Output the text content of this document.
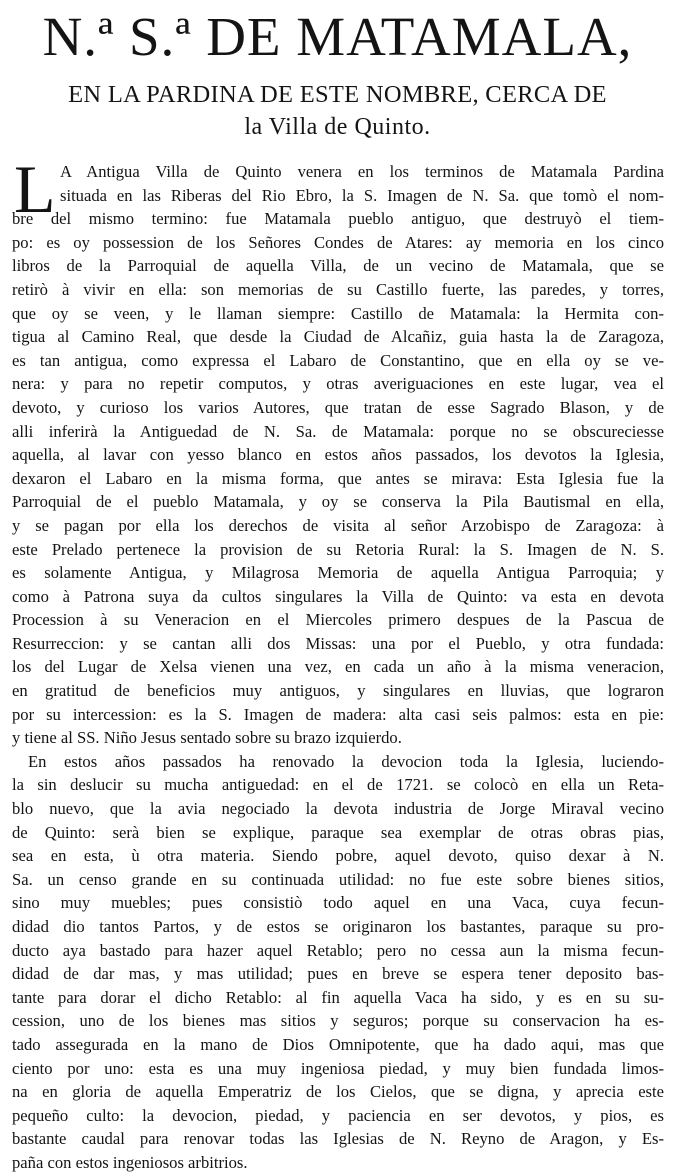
N.ª S.ª DE MATAMALA,
EN LA PARDINA DE ESTE NOMBRE, CERCA DE
la Villa de Quinto.
L A Antigua Villa de Quinto venera en los terminos de Matamala Pardina
situada en las Riberas del Rio Ebro, la S. Imagen de N. Sa. que tomò el nom-
bre del mismo termino: fue Matamala pueblo antiguo, que destruyò el tiem-
po: es oy possession de los Señores Condes de Atares: ay memoria en los cinco
libros de la Parroquial de aquella Villa, de un vecino de Matamala, que se
retirò à vivir en ella: son memorias de su Castillo fuerte, las paredes, y torres,
que oy se veen, y le llaman siempre: Castillo de Matamala: la Hermita con-
tigua al Camino Real, que desde la Ciudad de Alcañiz, guia hasta la de Zaragoza,
es tan antigua, como expressa el Labaro de Constantino, que en ella oy se ve-
nera: y para no repetir computos, y otras averiguaciones en este lugar, vea el
devoto, y curioso los varios Autores, que tratan de esse Sagrado Blason, y de
alli inferirà la Antiguedad de N. Sa. de Matamala: porque no se obscureciesse
aquella, al lavar con yesso blanco en estos años passados, los devotos la Iglesia,
dexaron el Labaro en la misma forma, que antes se mirava: Esta Iglesia fue la
Parroquial de el pueblo Matamala, y oy se conserva la Pila Bautismal en ella,
y se pagan por ella los derechos de visita al señor Arzobispo de Zaragoza: à
este Prelado pertenece la provision de su Retoria Rural: la S. Imagen de N. S.
es solamente Antigua, y Milagrosa Memoria de aquella Antigua Parroquia; y
como à Patrona suya da cultos singulares la Villa de Quinto: va esta en devota
Procession à su Veneracion en el Miercoles primero despues de la Pascua de
Resurreccion: y se cantan alli dos Missas: una por el Pueblo, y otra fundada:
los del Lugar de Xelsa vienen una vez, en cada un año à la misma veneracion,
en gratitud de beneficios muy antiguos, y singulares en lluvias, que lograron
por su intercession: es la S. Imagen de madera: alta casi seis palmos: esta en pie:
y tiene al SS. Niño Jesus sentado sobre su brazo izquierdo.
En estos años passados ha renovado la devocion toda la Iglesia, luciendo-
la sin deslucir su mucha antiguedad: en el de 1721. se colocò en ella un Reta-
blo nuevo, que la avia negociado la devota industria de Jorge Miraval vecino
de Quinto: serà bien se explique, paraque sea exemplar de otras obras pias,
sea en esta, ù otra materia. Siendo pobre, aquel devoto, quiso dexar à N.
Sa. un censo grande en su continuada utilidad: no fue este sobre bienes sitios,
sino muy muebles; pues consistiò todo aquel en una Vaca, cuya fecun-
didad dio tantos Partos, y de estos se originaron los bastantes, paraque su pro-
ducto aya bastado para hazer aquel Retablo; pero no cessa aun la misma fecun-
didad de dar mas, y mas utilidad; pues en breve se espera tener deposito bas-
tante para dorar el dicho Retablo: al fin aquella Vaca ha sido, y es en su su-
cession, uno de los bienes mas sitios y seguros; porque su conservacion ha es-
tado assegurada en la mano de Dios Omnipotente, que ha dado aqui, mas que
ciento por uno: esta es una muy ingeniosa piedad, y muy bien fundada limos-
na en gloria de aquella Emperatriz de los Cielos, que se digna, y aprecia este
pequeño culto: la devocion, piedad, y paciencia en ser devotos, y pios, es
bastante caudal para renovar todas las Iglesias de N. Reyno de Aragon, y Es-
paña con estos ingeniosos arbitrios.
